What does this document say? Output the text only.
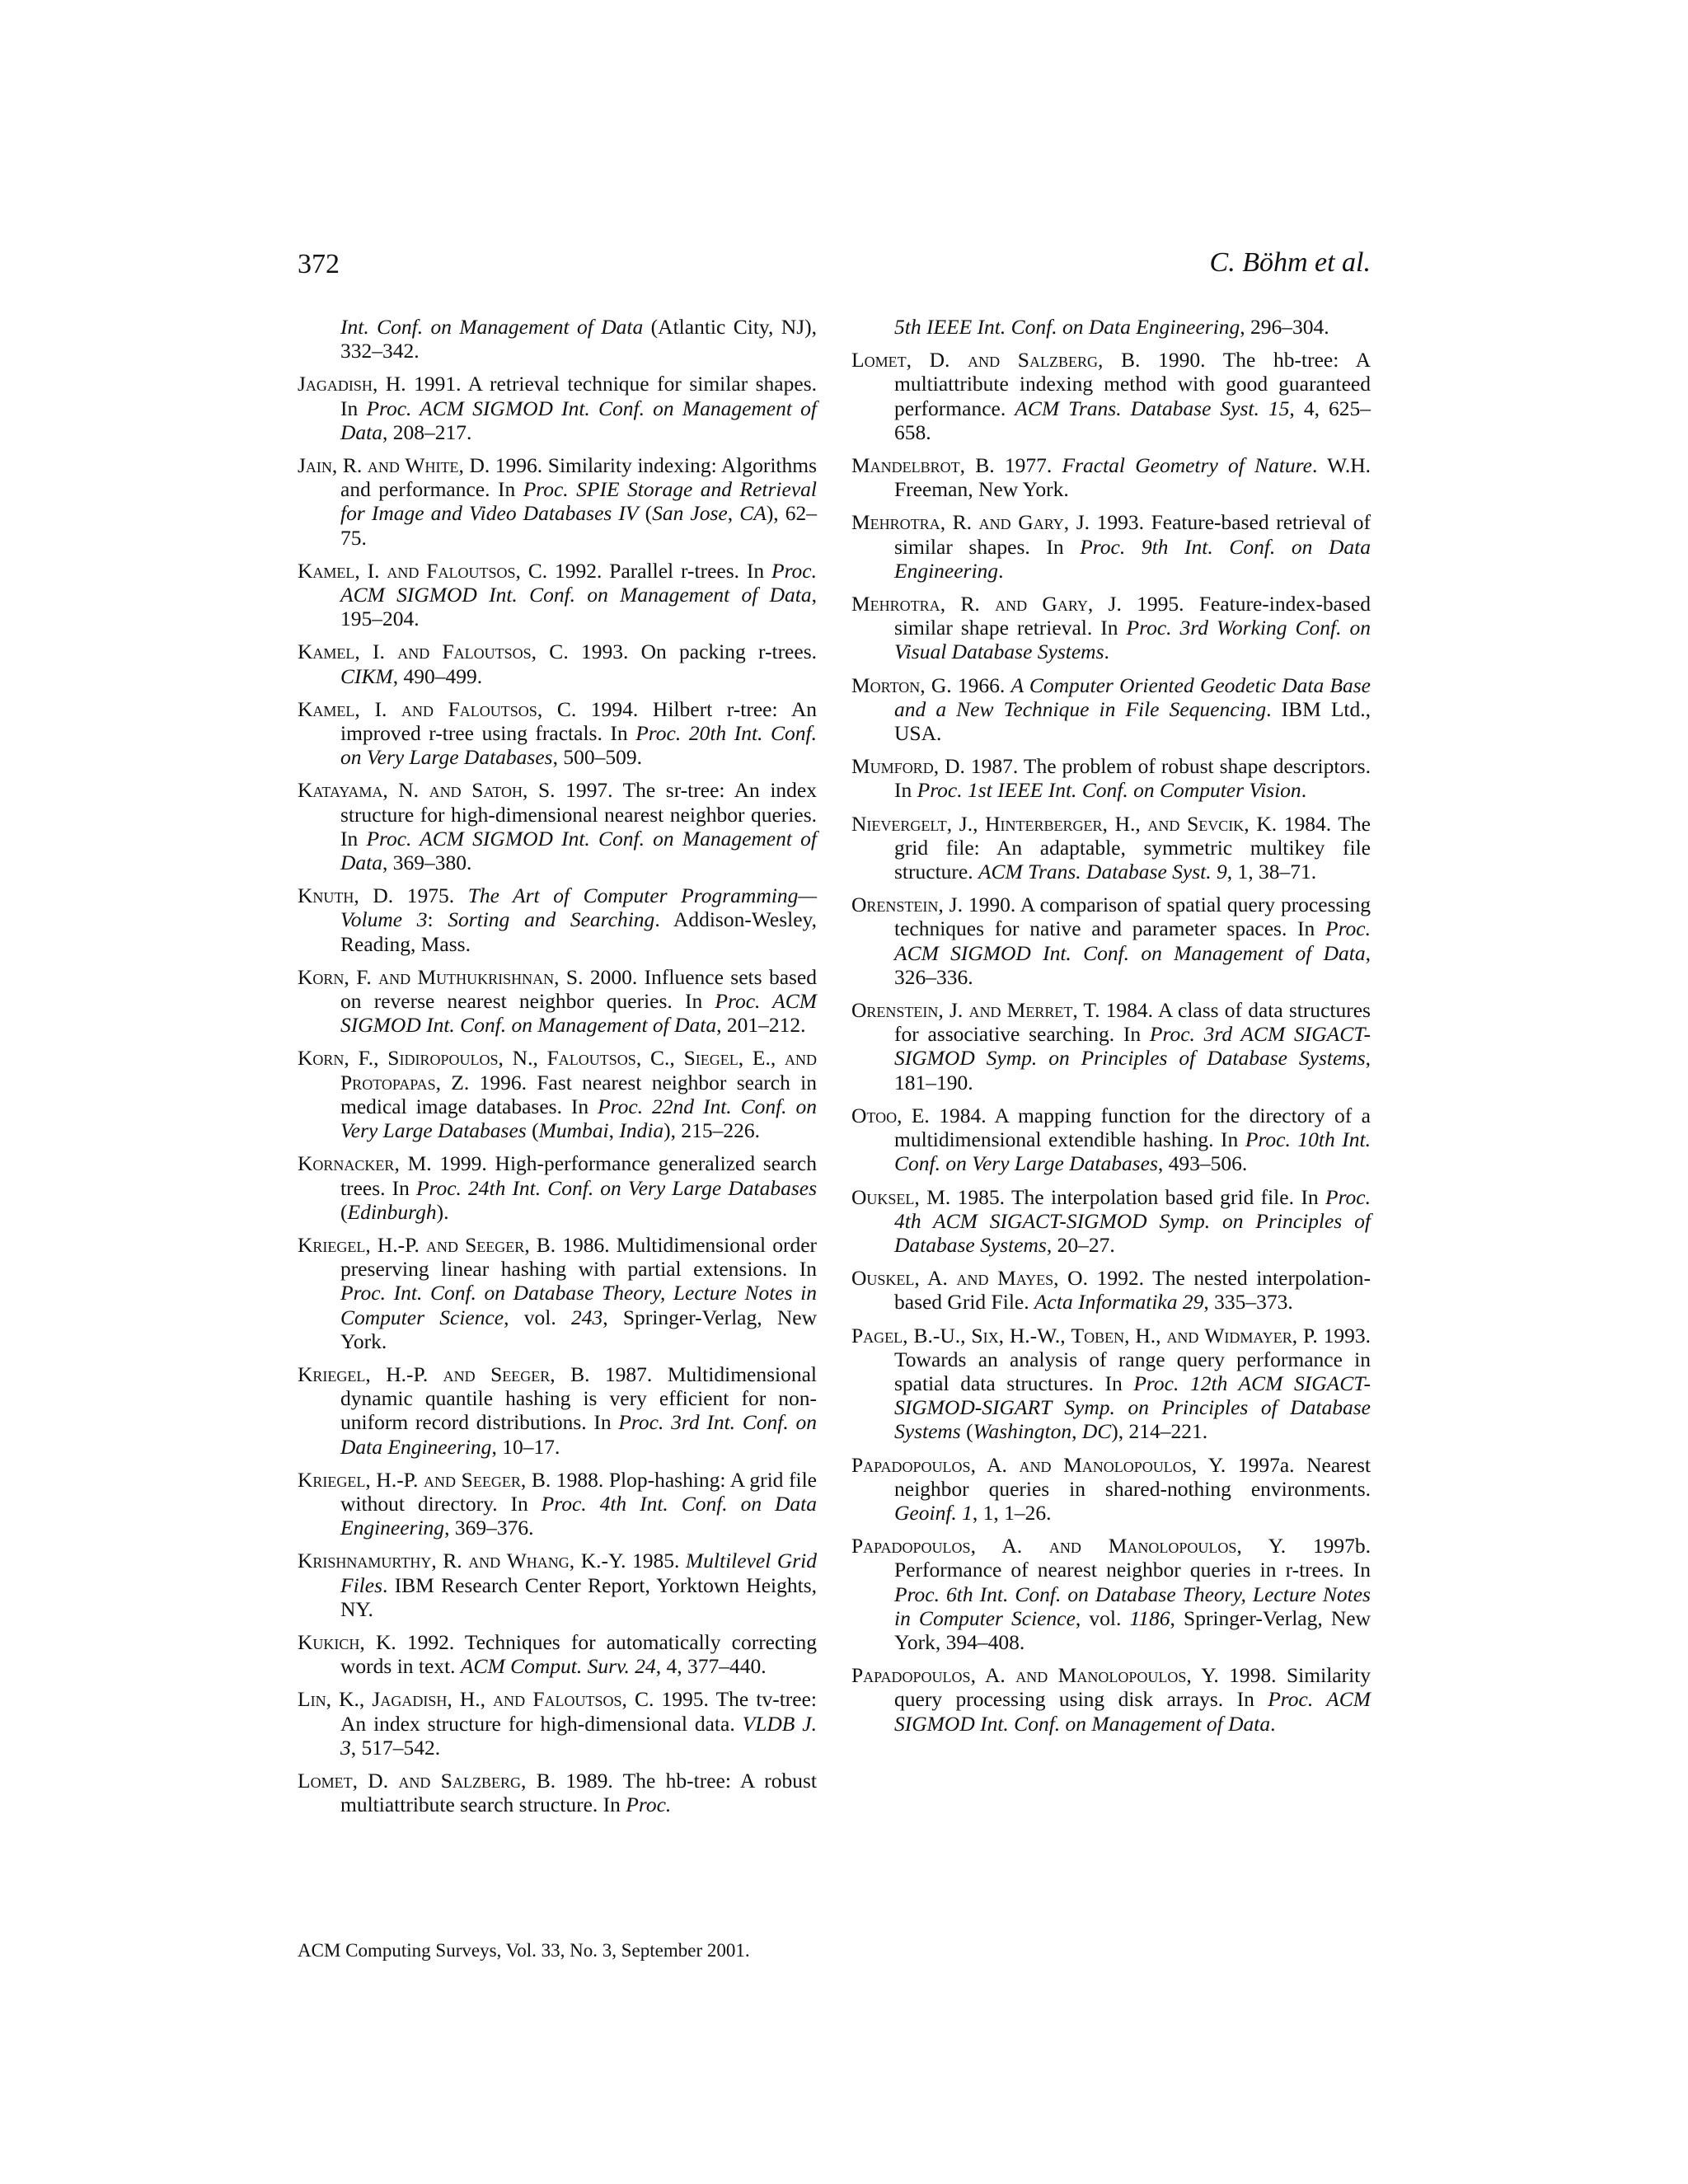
372	C. Böhm et al.

Int. Conf. on Management of Data (Atlantic City, NJ), 332–342.

Jagadish, H. 1991. A retrieval technique for similar shapes. In Proc. ACM SIGMOD Int. Conf. on Management of Data, 208–217.

Jain, R. and White, D. 1996. Similarity indexing: Algorithms and performance. In Proc. SPIE Storage and Retrieval for Image and Video Databases IV (San Jose, CA), 62–75.

Kamel, I. and Faloutsos, C. 1992. Parallel r-trees. In Proc. ACM SIGMOD Int. Conf. on Management of Data, 195–204.

Kamel, I. and Faloutsos, C. 1993. On packing r-trees. CIKM, 490–499.

Kamel, I. and Faloutsos, C. 1994. Hilbert r-tree: An improved r-tree using fractals. In Proc. 20th Int. Conf. on Very Large Databases, 500–509.

Katayama, N. and Satoh, S. 1997. The sr-tree: An index structure for high-dimensional nearest neighbor queries. In Proc. ACM SIGMOD Int. Conf. on Management of Data, 369–380.

Knuth, D. 1975. The Art of Computer Programming—Volume 3: Sorting and Searching. Addison-Wesley, Reading, Mass.

Korn, F. and Muthukrishnan, S. 2000. Influence sets based on reverse nearest neighbor queries. In Proc. ACM SIGMOD Int. Conf. on Management of Data, 201–212.

Korn, F., Sidiropoulos, N., Faloutsos, C., Siegel, E., and Protopapas, Z. 1996. Fast nearest neighbor search in medical image databases. In Proc. 22nd Int. Conf. on Very Large Databases (Mumbai, India), 215–226.

Kornacker, M. 1999. High-performance generalized search trees. In Proc. 24th Int. Conf. on Very Large Databases (Edinburgh).

Kriegel, H.-P. and Seeger, B. 1986. Multidimensional order preserving linear hashing with partial extensions. In Proc. Int. Conf. on Database Theory, Lecture Notes in Computer Science, vol. 243, Springer-Verlag, New York.

Kriegel, H.-P. and Seeger, B. 1987. Multidimensional dynamic quantile hashing is very efficient for non-uniform record distributions. In Proc. 3rd Int. Conf. on Data Engineering, 10–17.

Kriegel, H.-P. and Seeger, B. 1988. Plop-hashing: A grid file without directory. In Proc. 4th Int. Conf. on Data Engineering, 369–376.

Krishnamurthy, R. and Whang, K.-Y. 1985. Multilevel Grid Files. IBM Research Center Report, Yorktown Heights, NY.

Kukich, K. 1992. Techniques for automatically correcting words in text. ACM Comput. Surv. 24, 4, 377–440.

Lin, K., Jagadish, H., and Faloutsos, C. 1995. The tv-tree: An index structure for high-dimensional data. VLDB J. 3, 517–542.

Lomet, D. and Salzberg, B. 1989. The hb-tree: A robust multiattribute search structure. In Proc.

5th IEEE Int. Conf. on Data Engineering, 296–304.

Lomet, D. and Salzberg, B. 1990. The hb-tree: A multiattribute indexing method with good guaranteed performance. ACM Trans. Database Syst. 15, 4, 625–658.

Mandelbrot, B. 1977. Fractal Geometry of Nature. W.H. Freeman, New York.

Mehrotra, R. and Gary, J. 1993. Feature-based retrieval of similar shapes. In Proc. 9th Int. Conf. on Data Engineering.

Mehrotra, R. and Gary, J. 1995. Feature-index-based similar shape retrieval. In Proc. 3rd Working Conf. on Visual Database Systems.

Morton, G. 1966. A Computer Oriented Geodetic Data Base and a New Technique in File Sequencing. IBM Ltd., USA.

Mumford, D. 1987. The problem of robust shape descriptors. In Proc. 1st IEEE Int. Conf. on Computer Vision.

Nievergelt, J., Hinterberger, H., and Sevcik, K. 1984. The grid file: An adaptable, symmetric multikey file structure. ACM Trans. Database Syst. 9, 1, 38–71.

Orenstein, J. 1990. A comparison of spatial query processing techniques for native and parameter spaces. In Proc. ACM SIGMOD Int. Conf. on Management of Data, 326–336.

Orenstein, J. and Merret, T. 1984. A class of data structures for associative searching. In Proc. 3rd ACM SIGACT-SIGMOD Symp. on Principles of Database Systems, 181–190.

Otoo, E. 1984. A mapping function for the directory of a multidimensional extendible hashing. In Proc. 10th Int. Conf. on Very Large Databases, 493–506.

Ouksel, M. 1985. The interpolation based grid file. In Proc. 4th ACM SIGACT-SIGMOD Symp. on Principles of Database Systems, 20–27.

Ouskel, A. and Mayes, O. 1992. The nested interpolation-based Grid File. Acta Informatika 29, 335–373.

Pagel, B.-U., Six, H.-W., Toben, H., and Widmayer, P. 1993. Towards an analysis of range query performance in spatial data structures. In Proc. 12th ACM SIGACT-SIGMOD-SIGART Symp. on Principles of Database Systems (Washington, DC), 214–221.

Papadopoulos, A. and Manolopoulos, Y. 1997a. Nearest neighbor queries in shared-nothing environments. Geoinf. 1, 1, 1–26.

Papadopoulos, A. and Manolopoulos, Y. 1997b. Performance of nearest neighbor queries in r-trees. In Proc. 6th Int. Conf. on Database Theory, Lecture Notes in Computer Science, vol. 1186, Springer-Verlag, New York, 394–408.

Papadopoulos, A. and Manolopoulos, Y. 1998. Similarity query processing using disk arrays. In Proc. ACM SIGMOD Int. Conf. on Management of Data.

ACM Computing Surveys, Vol. 33, No. 3, September 2001.
